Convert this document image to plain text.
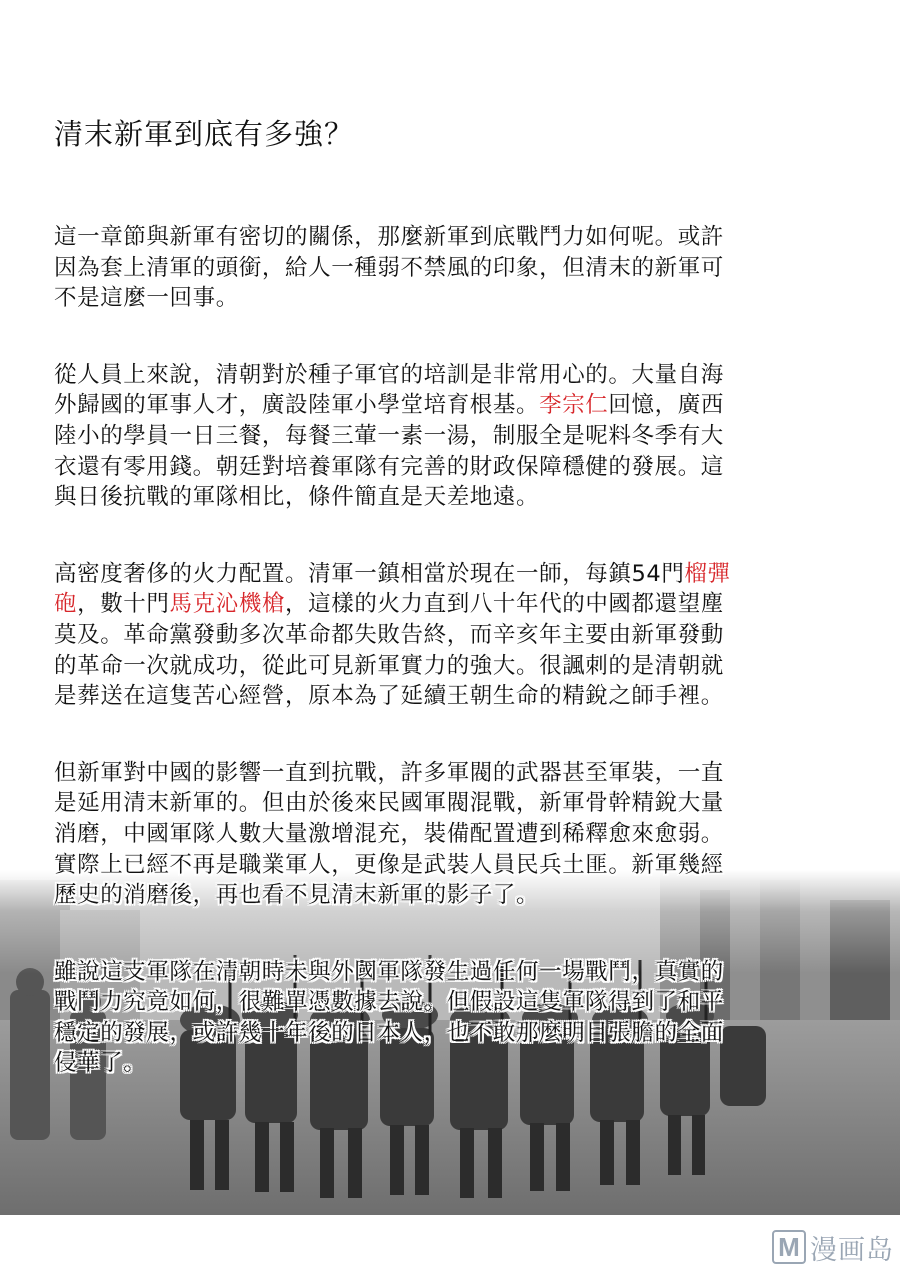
清末新軍到底有多強？

這一章節與新軍有密切的關係，那麼新軍到底戰鬥力如何呢。或許
因為套上清軍的頭銜，給人一種弱不禁風的印象，但清末的新軍可
不是這麼一回事。

從人員上來說，清朝對於種子軍官的培訓是非常用心的。大量自海
外歸國的軍事人才，廣設陸軍小學堂培育根基。李宗仁回憶，廣西
陸小的學員一日三餐，每餐三葷一素一湯，制服全是呢料冬季有大
衣還有零用錢。朝廷對培養軍隊有完善的財政保障穩健的發展。這
與日後抗戰的軍隊相比，條件簡直是天差地遠。

高密度奢侈的火力配置。清軍一鎮相當於現在一師，每鎮54門榴彈
砲，數十門馬克沁機槍，這樣的火力直到八十年代的中國都還望塵
莫及。革命黨發動多次革命都失敗告終，而辛亥年主要由新軍發動
的革命一次就成功，從此可見新軍實力的強大。很諷刺的是清朝就
是葬送在這隻苦心經營，原本為了延續王朝生命的精銳之師手裡。

但新軍對中國的影響一直到抗戰，許多軍閥的武器甚至軍裝，一直
是延用清末新軍的。但由於後來民國軍閥混戰，新軍骨幹精銳大量
消磨，中國軍隊人數大量激增混充，裝備配置遭到稀釋愈來愈弱。
實際上已經不再是職業軍人，更像是武裝人員民兵土匪。新軍幾經
歷史的消磨後，再也看不見清末新軍的影子了。

雖說這支軍隊在清朝時未與外國軍隊發生過任何一場戰鬥，真實的
戰鬥力究竟如何，很難單憑數據去說。但假設這隻軍隊得到了和平
穩定的發展，或許幾十年後的日本人，也不敢那麼明目張膽的全面
侵華了。

M 漫画岛
